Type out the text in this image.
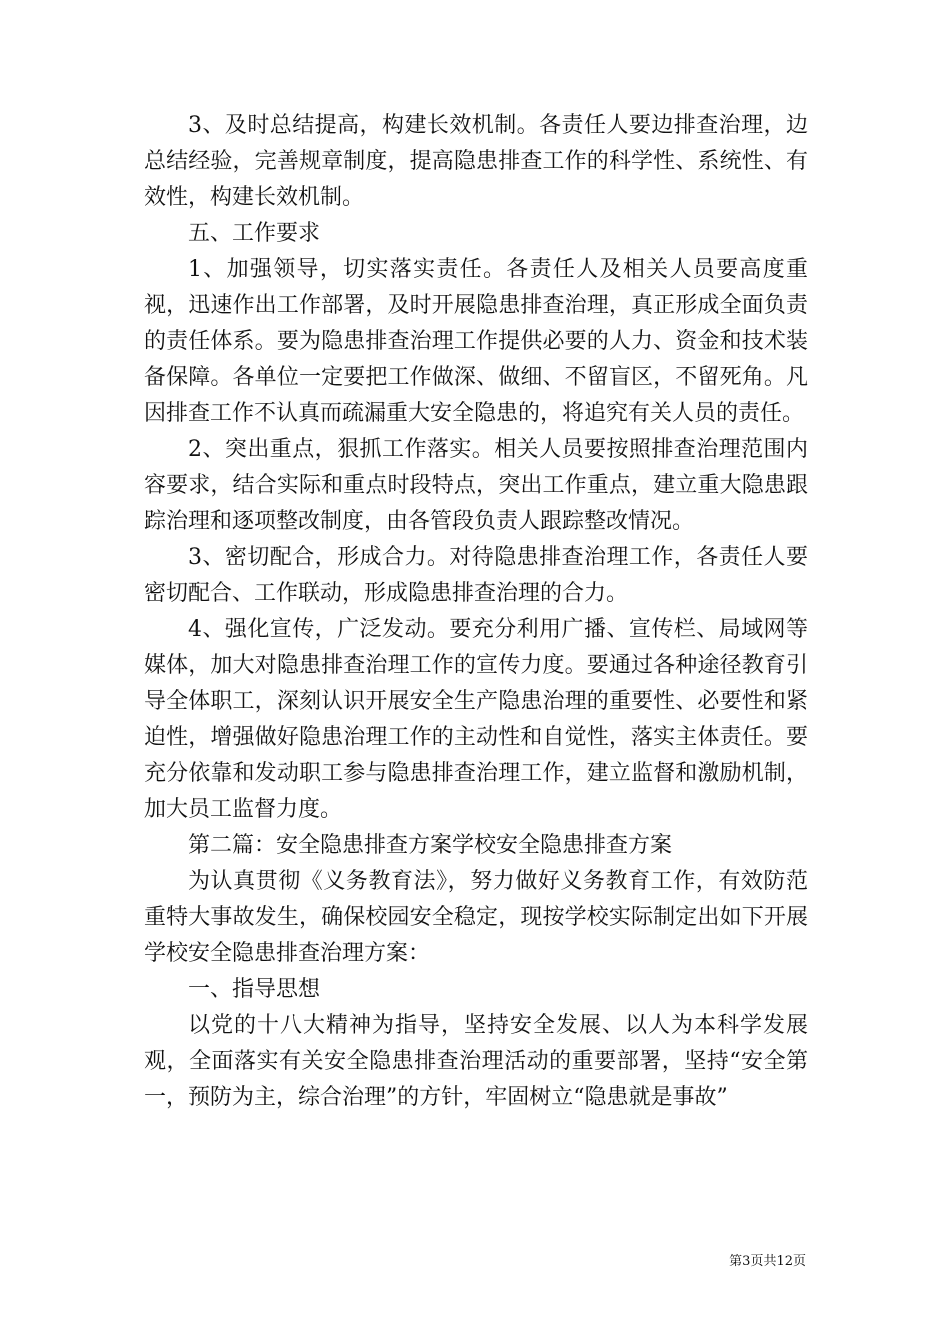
3、及时总结提高，构建长效机制。各责任人要边排查治理，边总结经验，完善规章制度，提高隐患排查工作的科学性、系统性、有效性，构建长效机制。

五、工作要求

1、加强领导，切实落实责任。各责任人及相关人员要高度重视，迅速作出工作部署，及时开展隐患排查治理，真正形成全面负责的责任体系。要为隐患排查治理工作提供必要的人力、资金和技术装备保障。各单位一定要把工作做深、做细、不留盲区，不留死角。凡因排查工作不认真而疏漏重大安全隐患的，将追究有关人员的责任。

2、突出重点，狠抓工作落实。相关人员要按照排查治理范围内容要求，结合实际和重点时段特点，突出工作重点，建立重大隐患跟踪治理和逐项整改制度，由各管段负责人跟踪整改情况。

3、密切配合，形成合力。对待隐患排查治理工作，各责任人要密切配合、工作联动，形成隐患排查治理的合力。

4、强化宣传，广泛发动。要充分利用广播、宣传栏、局域网等媒体，加大对隐患排查治理工作的宣传力度。要通过各种途径教育引导全体职工，深刻认识开展安全生产隐患治理的重要性、必要性和紧迫性，增强做好隐患治理工作的主动性和自觉性，落实主体责任。要充分依靠和发动职工参与隐患排查治理工作，建立监督和激励机制，加大员工监督力度。

第二篇：安全隐患排查方案学校安全隐患排查方案

为认真贯彻《义务教育法》，努力做好义务教育工作，有效防范重特大事故发生，确保校园安全稳定，现按学校实际制定出如下开展学校安全隐患排查治理方案：

一、指导思想

以党的十八大精神为指导，坚持安全发展、以人为本科学发展观，全面落实有关安全隐患排查治理活动的重要部署，坚持“安全第一，预防为主，综合治理”的方针，牢固树立“隐患就是事故”

第3页共12页
